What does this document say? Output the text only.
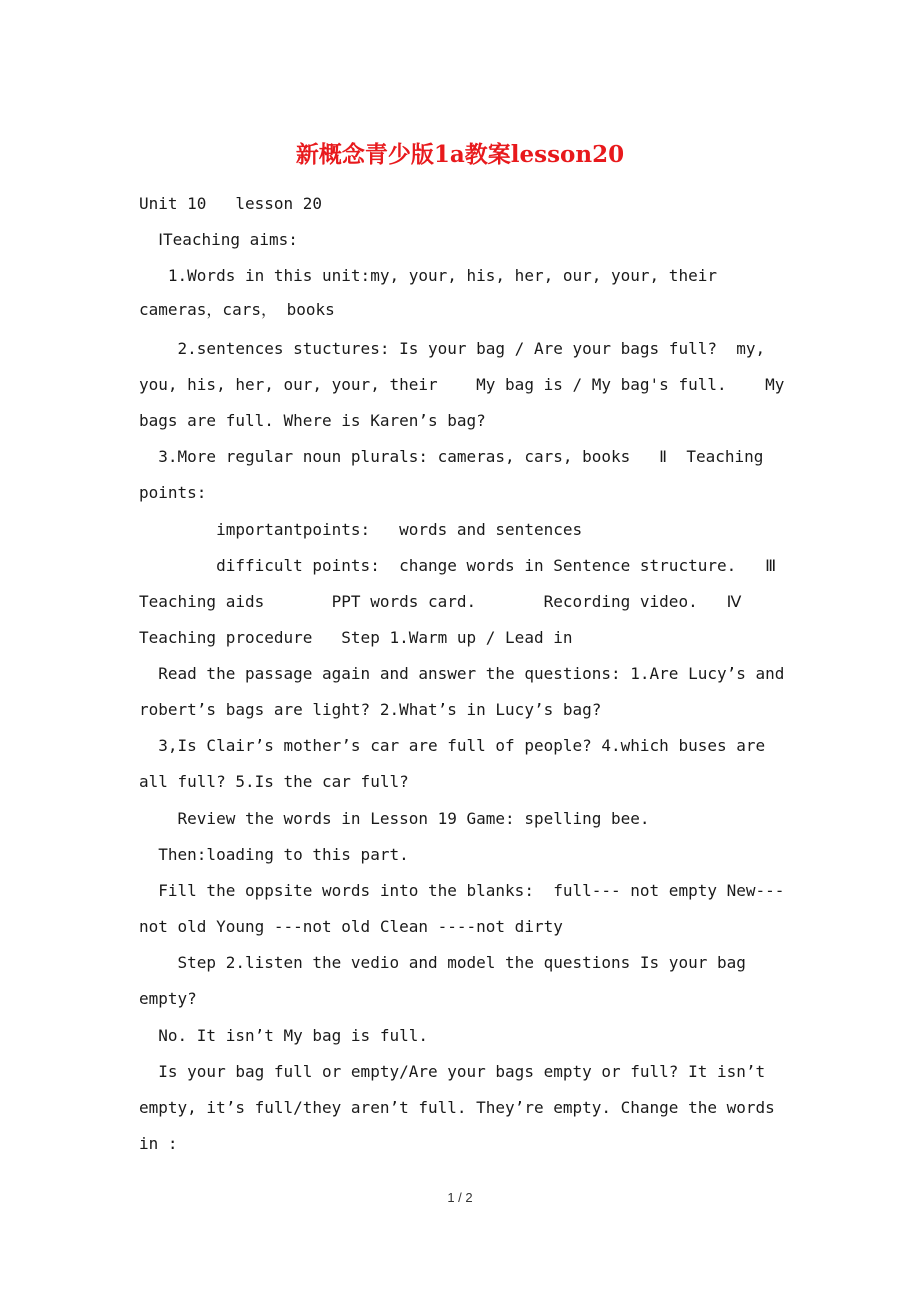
新概念青少版1a教案lesson20
Unit 10   lesson 20
ⅠTeaching aims:
1.Words in this unit:my, your, his, her, our, your, their
cameras，cars， books
2.sentences stuctures: Is your bag / Are your bags full?  my,
you, his, her, our, your, their    My bag is / My bag's full.    My
bags are full. Where is Karen’s bag?
3.More regular noun plurals: cameras, cars, books   Ⅱ  Teaching
points:
importantpoints:   words and sentences
difficult points:  change words in Sentence structure.   Ⅲ
Teaching aids       PPT words card.       Recording video.   Ⅳ
Teaching procedure   Step 1.Warm up / Lead in
Read the passage again and answer the questions: 1.Are Lucy’s and
robert’s bags are light? 2.What’s in Lucy’s bag?
3,Is Clair’s mother’s car are full of people? 4.which buses are
all full? 5.Is the car full?
Review the words in Lesson 19 Game: spelling bee.
Then:loading to this part.
Fill the oppsite words into the blanks:  full--- not empty New---
not old Young ---not old Clean ----not dirty
Step 2.listen the vedio and model the questions Is your bag
empty?
No. It isn’t My bag is full.
Is your bag full or empty/Are your bags empty or full? It isn’t
empty, it’s full/they aren’t full. They’re empty. Change the words
in :
1 / 2
